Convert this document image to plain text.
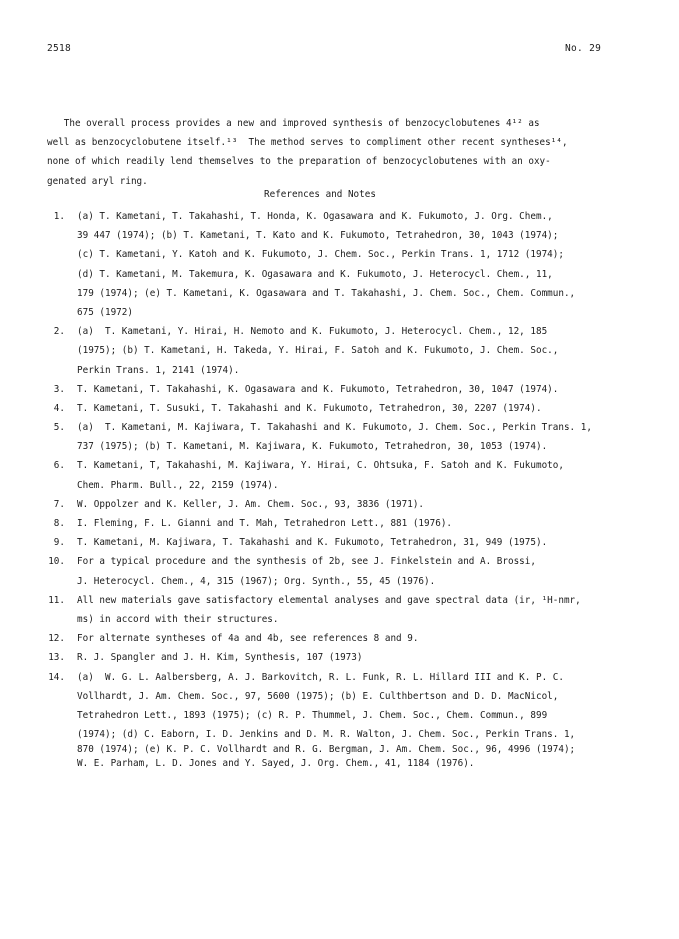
2518	No. 29
The overall process provides a new and improved synthesis of benzocyclobutenes 4¹² as
well as benzocyclobutene itself.¹³  The method serves to compliment other recent syntheses¹⁴,
none of which readily lend themselves to the preparation of benzocyclobutenes with an oxy-
genated aryl ring.
References and Notes
1. (a) T. Kametani, T. Takahashi, T. Honda, K. Ogasawara and K. Fukumoto, J. Org. Chem.,
39 447 (1974); (b) T. Kametani, T. Kato and K. Fukumoto, Tetrahedron, 30, 1043 (1974);
(c) T. Kametani, Y. Katoh and K. Fukumoto, J. Chem. Soc., Perkin Trans. 1, 1712 (1974);
(d) T. Kametani, M. Takemura, K. Ogasawara and K. Fukumoto, J. Heterocycl. Chem., 11,
179 (1974); (e) T. Kametani, K. Ogasawara and T. Takahashi, J. Chem. Soc., Chem. Commun.,
675 (1972)
2. (a)  T. Kametani, Y. Hirai, H. Nemoto and K. Fukumoto, J. Heterocycl. Chem., 12, 185
(1975); (b) T. Kametani, H. Takeda, Y. Hirai, F. Satoh and K. Fukumoto, J. Chem. Soc.,
Perkin Trans. 1, 2141 (1974).
3. T. Kametani, T. Takahashi, K. Ogasawara and K. Fukumoto, Tetrahedron, 30, 1047 (1974).
4. T. Kametani, T. Susuki, T. Takahashi and K. Fukumoto, Tetrahedron, 30, 2207 (1974).
5. (a)  T. Kametani, M. Kajiwara, T. Takahashi and K. Fukumoto, J. Chem. Soc., Perkin Trans. 1,
737 (1975); (b) T. Kametani, M. Kajiwara, K. Fukumoto, Tetrahedron, 30, 1053 (1974).
6. T. Kametani, T, Takahashi, M. Kajiwara, Y. Hirai, C. Ohtsuka, F. Satoh and K. Fukumoto,
Chem. Pharm. Bull., 22, 2159 (1974).
7. W. Oppolzer and K. Keller, J. Am. Chem. Soc., 93, 3836 (1971).
8. I. Fleming, F. L. Gianni and T. Mah, Tetrahedron Lett., 881 (1976).
9. T. Kametani, M. Kajiwara, T. Takahashi and K. Fukumoto, Tetrahedron, 31, 949 (1975).
10. For a typical procedure and the synthesis of 2b, see J. Finkelstein and A. Brossi,
J. Heterocycl. Chem., 4, 315 (1967); Org. Synth., 55, 45 (1976).
11. All new materials gave satisfactory elemental analyses and gave spectral data (ir, ¹H-nmr,
ms) in accord with their structures.
12. For alternate syntheses of 4a and 4b, see references 8 and 9.
13. R. J. Spangler and J. H. Kim, Synthesis, 107 (1973)
14. (a)  W. G. L. Aalbersberg, A. J. Barkovitch, R. L. Funk, R. L. Hillard III and K. P. C.
Vollhardt, J. Am. Chem. Soc., 97, 5600 (1975); (b) E. Culthbertson and D. D. MacNicol,
Tetrahedron Lett., 1893 (1975); (c) R. P. Thummel, J. Chem. Soc., Chem. Commun., 899
(1974); (d) C. Eaborn, I. D. Jenkins and D. M. R. Walton, J. Chem. Soc., Perkin Trans. 1,
870 (1974); (e) K. P. C. Vollhardt and R. G. Bergman, J. Am. Chem. Soc., 96, 4996 (1974);
W. E. Parham, L. D. Jones and Y. Sayed, J. Org. Chem., 41, 1184 (1976).
